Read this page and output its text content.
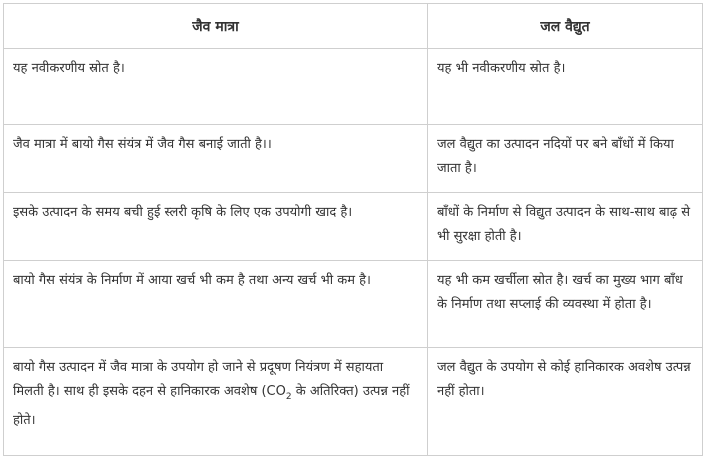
जैव मात्रा	जल वैद्युत
यह नवीकरणीय स्रोत है।	यह भी नवीकरणीय स्रोत है।
जैव मात्रा में बायो गैस संयंत्र में जैव गैस बनाई जाती है।।	जल वैद्युत का उत्पादन नदियों पर बने बाँधों में किया जाता है।
इसके उत्पादन के समय बची हुई स्लरी कृषि के लिए एक उपयोगी खाद है।	बाँधों के निर्माण से विद्युत उत्पादन के साथ-साथ बाढ़ से भी सुरक्षा होती है।
बायो गैस संयंत्र के निर्माण में आया खर्च भी कम है तथा अन्य खर्च भी कम है।	यह भी कम खर्चीला स्रोत है। खर्च का मुख्य भाग बाँध के निर्माण तथा सप्लाई की व्यवस्था में होता है।
बायो गैस उत्पादन में जैव मात्रा के उपयोग हो जाने से प्रदूषण नियंत्रण में सहायता मिलती है। साथ ही इसके दहन से हानिकारक अवशेष ($CO_2$ के अतिरिक्त) उत्पन्न नहीं होते।	जल वैद्युत के उपयोग से कोई हानिकारक अवशेष उत्पन्न नहीं होता।
